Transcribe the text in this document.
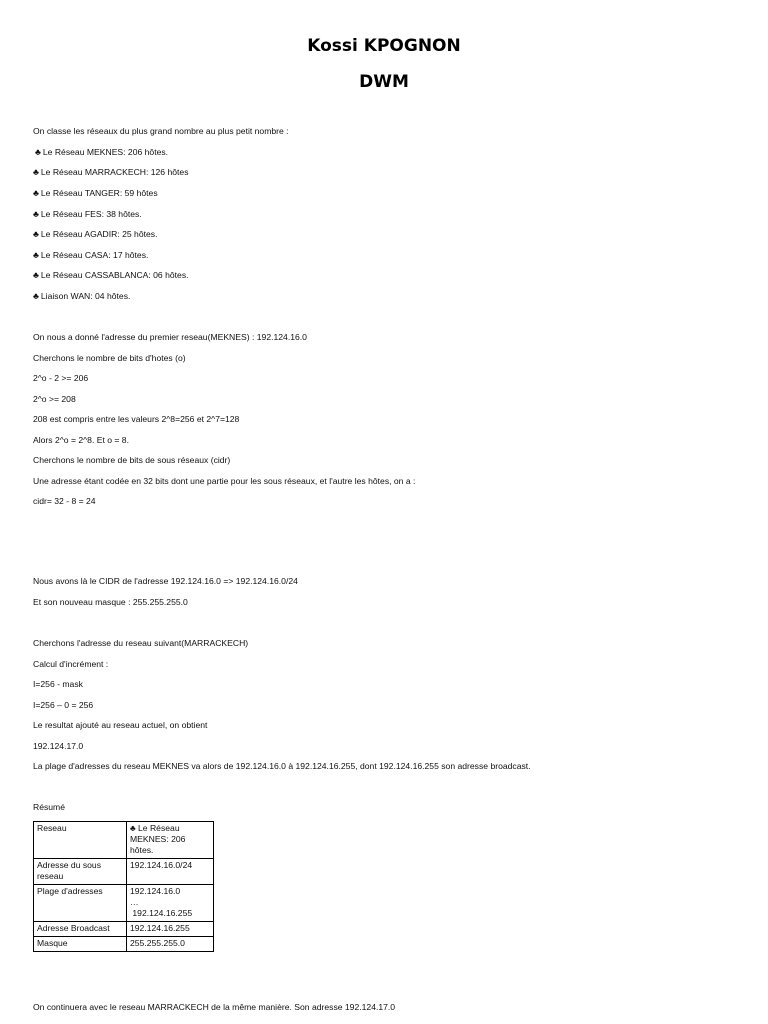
Kossi KPOGNON
DWM
On classe les réseaux du plus grand nombre au plus petit nombre :
♣ Le Réseau MEKNES: 206 hôtes.
♣ Le Réseau MARRACKECH: 126 hôtes
♣ Le Réseau TANGER: 59 hôtes
♣ Le Réseau FES: 38 hôtes.
♣ Le Réseau AGADIR: 25 hôtes.
♣ Le Réseau CASA: 17 hôtes.
♣ Le Réseau CASSABLANCA: 06 hôtes.
♣ Liaison WAN: 04 hôtes.
On nous a donné l'adresse du premier reseau(MEKNES) : 192.124.16.0
Cherchons le nombre de bits d'hotes (o)
2^o - 2 >= 206
2^o >= 208
208 est compris entre les valeurs 2^8=256 et 2^7=128
Alors 2^o = 2^8. Et o = 8.
Cherchons le nombre de bits de sous réseaux (cidr)
Une adresse étant codée en 32 bits dont une partie pour les sous réseaux, et l'autre les hôtes, on a :
cidr= 32 - 8 = 24
Nous avons là le CIDR de l'adresse 192.124.16.0 => 192.124.16.0/24
Et son nouveau masque : 255.255.255.0
Cherchons l'adresse du reseau suivant(MARRACKECH)
Calcul d'incrément :
I=256 - mask
I=256 – 0 = 256
Le resultat ajouté au reseau actuel, on obtient
192.124.17.0
La plage d'adresses du reseau MEKNES va alors de 192.124.16.0 à 192.124.16.255, dont 192.124.16.255 son adresse broadcast.
Résumé
Reseau	♣ Le Réseau MEKNES: 206 hôtes.
Adresse du sous reseau	192.124.16.0/24
Plage d'adresses	192.124.16.0
…
192.124.16.255

Adresse Broadcast	192.124.16.255
Masque	255.255.255.0
On continuera avec le reseau MARRACKECH de la même manière. Son adresse 192.124.17.0
